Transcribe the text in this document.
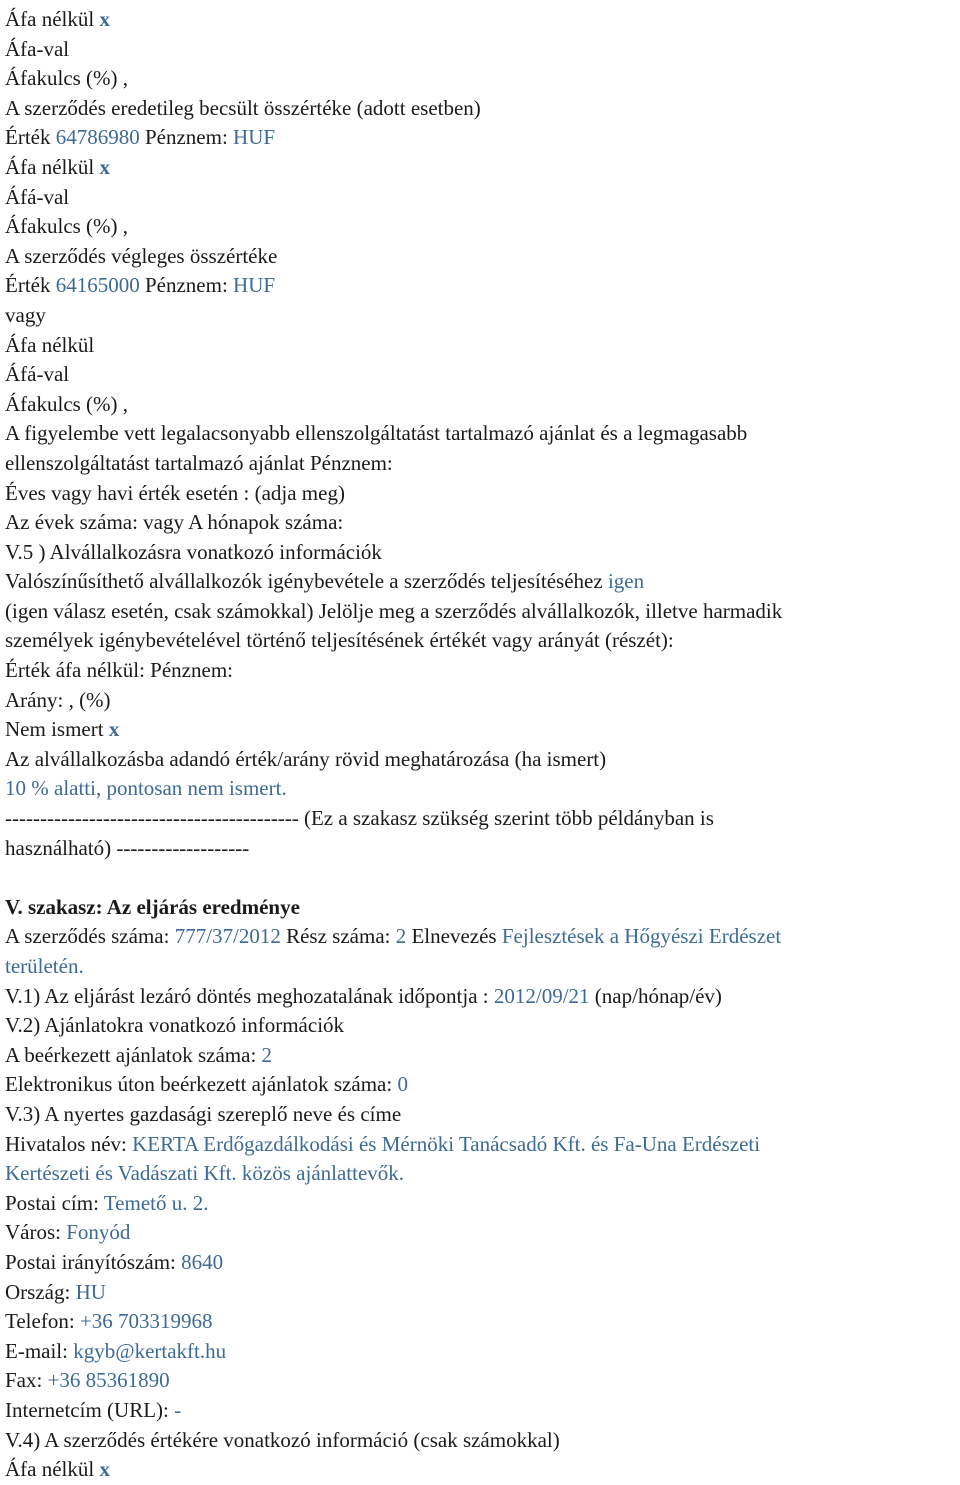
Áfa nélkül x
Áfa-val
Áfakulcs (%) ,
A szerződés eredetileg becsült összértéke (adott esetben)
Érték 64786980 Pénznem: HUF
Áfa nélkül x
Áfá-val
Áfakulcs (%) ,
A szerződés végleges összértéke
Érték 64165000 Pénznem: HUF
vagy
Áfa nélkül
Áfá-val
Áfakulcs (%) ,
A figyelembe vett legalacsonyabb ellenszolgáltatást tartalmazó ajánlat és a legmagasabb
ellenszolgáltatást tartalmazó ajánlat Pénznem:
Éves vagy havi érték esetén : (adja meg)
Az évek száma: vagy A hónapok száma:
V.5 ) Alvállalkozásra vonatkozó információk
Valószínűsíthető alvállalkozók igénybevétele a szerződés teljesítéséhez igen
(igen válasz esetén, csak számokkal) Jelölje meg a szerződés alvállalkozók, illetve harmadik
személyek igénybevételével történő teljesítésének értékét vagy arányát (részét):
Érték áfa nélkül: Pénznem:
Arány: , (%)
Nem ismert x
Az alvállalkozásba adandó érték/arány rövid meghatározása (ha ismert)
10 % alatti, pontosan nem ismert.
------------------------------------------ (Ez a szakasz szükség szerint több példányban is
használható) -------------------
V. szakasz: Az eljárás eredménye
A szerződés száma: 777/37/2012 Rész száma: 2 Elnevezés Fejlesztések a Hőgyészi Erdészet
területén.
V.1) Az eljárást lezáró döntés meghozatalának időpontja : 2012/09/21 (nap/hónap/év)
V.2) Ajánlatokra vonatkozó információk
A beérkezett ajánlatok száma: 2
Elektronikus úton beérkezett ajánlatok száma: 0
V.3) A nyertes gazdasági szereplő neve és címe
Hivatalos név: KERTA Erdőgazdálkodási és Mérnöki Tanácsadó Kft. és Fa-Una Erdészeti
Kertészeti és Vadászati Kft. közös ajánlattevők.
Postai cím: Temető u. 2.
Város: Fonyód
Postai irányítószám: 8640
Ország: HU
Telefon: +36 703319968
E-mail: kgyb@kertakft.hu
Fax: +36 85361890
Internetcím (URL): -
V.4) A szerződés értékére vonatkozó információ (csak számokkal)
Áfa nélkül x
